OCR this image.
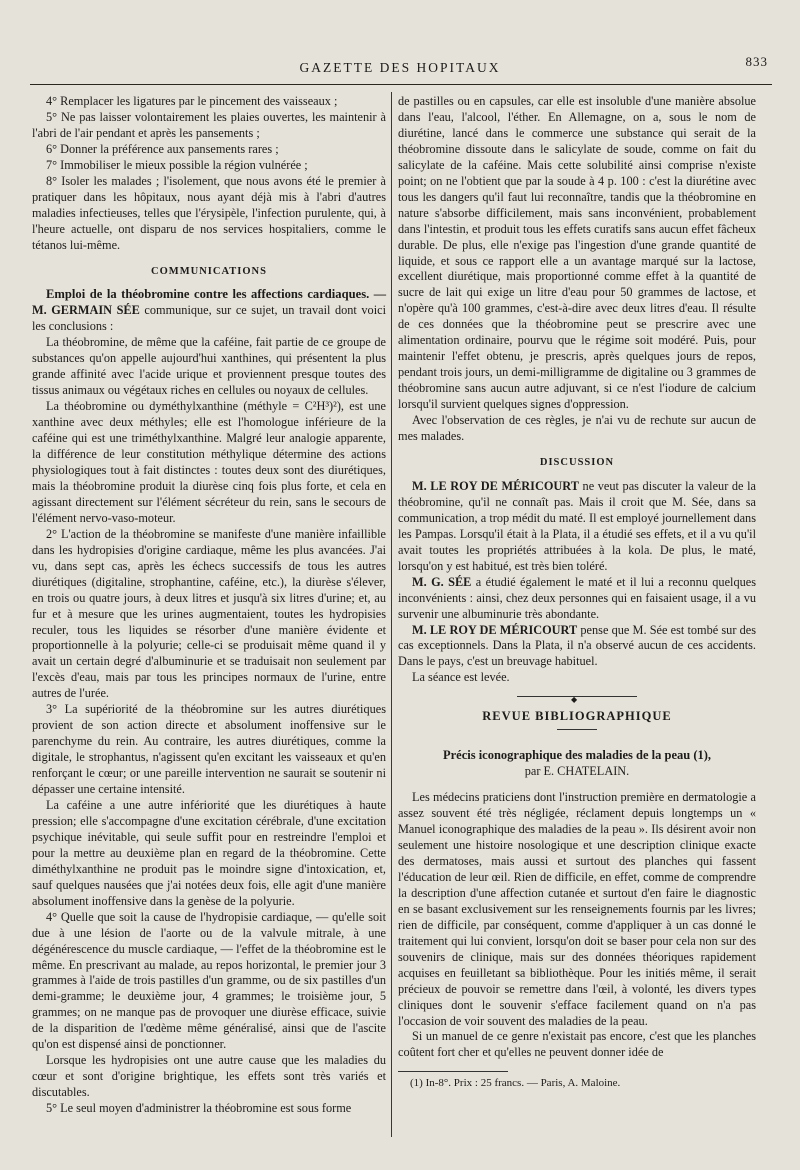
GAZETTE DES HOPITAUX	833

4° Remplacer les ligatures par le pincement des vaisseaux ;

5° Ne pas laisser volontairement les plaies ouvertes, les maintenir à l'abri de l'air pendant et après les pansements ;

6° Donner la préférence aux pansements rares ;

7° Immobiliser le mieux possible la région vulnérée ;

8° Isoler les malades ; l'isolement, que nous avons été le premier à pratiquer dans les hôpitaux, nous ayant déjà mis à l'abri d'autres maladies infectieuses, telles que l'érysipèle, l'infection purulente, qui, à l'heure actuelle, ont disparu de nos services hospitaliers, comme le tétanos lui-même.

COMMUNICATIONS

Emploi de la théobromine contre les affections cardiaques. — M. GERMAIN SÉE communique, sur ce sujet, un travail dont voici les conclusions :

La théobromine, de même que la caféine, fait partie de ce groupe de substances qu'on appelle aujourd'hui xanthines, qui présentent la plus grande affinité avec l'acide urique et proviennent presque toutes des tissus animaux ou végétaux riches en cellules ou noyaux de cellules.

La théobromine ou dyméthylxanthine (méthyle = C²H³)²), est une xanthine avec deux méthyles; elle est l'homologue inférieure de la caféine qui est une triméthylxanthine. Malgré leur analogie apparente, la différence de leur constitution méthylique détermine des actions physiologiques tout à fait distinctes : toutes deux sont des diurétiques, mais la théobromine produit la diurèse cinq fois plus forte, et cela en agissant directement sur l'élément sécréteur du rein, sans le secours de l'élément nervo-vaso-moteur.

2° L'action de la théobromine se manifeste d'une manière infaillible dans les hydropisies d'origine cardiaque, même les plus avancées. J'ai vu, dans sept cas, après les échecs successifs de tous les autres diurétiques (digitaline, strophantine, caféine, etc.), la diurèse s'élever, en trois ou quatre jours, à deux litres et jusqu'à six litres d'urine; et, au fur et à mesure que les urines augmentaient, toutes les hydropisies reculer, tous les liquides se résorber d'une manière évidente et proportionnelle à la polyurie; celle-ci se produisait même quand il y avait un certain degré d'albuminurie et se traduisait non seulement par l'excès d'eau, mais par tous les principes normaux de l'urine, entre autres de l'urée.

3° La supériorité de la théobromine sur les autres diurétiques provient de son action directe et absolument inoffensive sur le parenchyme du rein. Au contraire, les autres diurétiques, comme la digitale, le strophantus, n'agissent qu'en excitant les vaisseaux et qu'en renforçant le cœur; or une pareille intervention ne saurait se soutenir ni dépasser une certaine intensité.

La caféine a une autre infériorité que les diurétiques à haute pression; elle s'accompagne d'une excitation cérébrale, d'une excitation psychique inévitable, qui seule suffit pour en restreindre l'emploi et pour la mettre au deuxième plan en regard de la théobromine. Cette diméthylxanthine ne produit pas le moindre signe d'intoxication, et, sauf quelques nausées que j'ai notées deux fois, elle agit d'une manière absolument inoffensive dans la genèse de la polyurie.

4° Quelle que soit la cause de l'hydropisie cardiaque, — qu'elle soit due à une lésion de l'aorte ou de la valvule mitrale, à une dégénérescence du muscle cardiaque, — l'effet de la théobromine est le même. En prescrivant au malade, au repos horizontal, le premier jour 3 grammes à l'aide de trois pastilles d'un gramme, ou de six pastilles d'un demi-gramme; le deuxième jour, 4 grammes; le troisième jour, 5 grammes; on ne manque pas de provoquer une diurèse efficace, suivie de la disparition de l'œdème même généralisé, ainsi que de l'ascite qu'on est dispensé ainsi de ponctionner.

Lorsque les hydropisies ont une autre cause que les maladies du cœur et sont d'origine brightique, les effets sont très variés et discutables.

5° Le seul moyen d'administrer la théobromine est sous forme

de pastilles ou en capsules, car elle est insoluble d'une manière absolue dans l'eau, l'alcool, l'éther. En Allemagne, on a, sous le nom de diurétine, lancé dans le commerce une substance qui serait de la théobromine dissoute dans le salicylate de soude, comme on fait du salicylate de la caféine. Mais cette solubilité ainsi comprise n'existe point; on ne l'obtient que par la soude à 4 p. 100 : c'est la diurétine avec tous les dangers qu'il faut lui reconnaître, tandis que la théobromine en nature s'absorbe difficilement, mais sans inconvénient, probablement dans l'intestin, et produit tous les effets curatifs sans aucun effet fâcheux durable. De plus, elle n'exige pas l'ingestion d'une grande quantité de liquide, et sous ce rapport elle a un avantage marqué sur la lactose, excellent diurétique, mais proportionné comme effet à la quantité de sucre de lait qui exige un litre d'eau pour 50 grammes de lactose, et n'opère qu'à 100 grammes, c'est-à-dire avec deux litres d'eau. Il résulte de ces données que la théobromine peut se prescrire avec une alimentation ordinaire, pourvu que le régime soit modéré. Puis, pour maintenir l'effet obtenu, je prescris, après quelques jours de repos, pendant trois jours, un demi-milligramme de digitaline ou 3 grammes de théobromine sans aucun autre adjuvant, si ce n'est l'iodure de calcium lorsqu'il survient quelques signes d'oppression.

Avec l'observation de ces règles, je n'ai vu de rechute sur aucun de mes malades.

DISCUSSION

M. LE ROY DE MÉRICOURT ne veut pas discuter la valeur de la théobromine, qu'il ne connaît pas. Mais il croit que M. Sée, dans sa communication, a trop médit du maté. Il est employé journellement dans les Pampas. Lorsqu'il était à la Plata, il a étudié ses effets, et il a vu qu'il avait toutes les propriétés attribuées à la kola. De plus, le maté, lorsqu'on y est habitué, est très bien toléré.

M. G. SÉE a étudié également le maté et il lui a reconnu quelques inconvénients : ainsi, chez deux personnes qui en faisaient usage, il a vu survenir une albuminurie très abondante.

M. LE ROY DE MÉRICOURT pense que M. Sée est tombé sur des cas exceptionnels. Dans la Plata, il n'a observé aucun de ces accidents. Dans le pays, c'est un breuvage habituel.

La séance est levée.

◆
REVUE BIBLIOGRAPHIQUE
Précis iconographique des maladies de la peau (1),
par E. CHATELAIN.

Les médecins praticiens dont l'instruction première en dermatologie a assez souvent été très négligée, réclament depuis longtemps un « Manuel iconographique des maladies de la peau ». Ils désirent avoir non seulement une histoire nosologique et une description clinique exacte des dermatoses, mais aussi et surtout des planches qui fassent l'éducation de leur œil. Rien de difficile, en effet, comme de comprendre la description d'une affection cutanée et surtout d'en faire le diagnostic en se basant exclusivement sur les renseignements fournis par les livres; rien de difficile, par conséquent, comme d'appliquer à un cas donné le traitement qui lui convient, lorsqu'on doit se baser pour cela non sur des souvenirs de clinique, mais sur des données théoriques rapidement acquises en feuilletant sa bibliothèque. Pour les initiés même, il serait précieux de pouvoir se remettre dans l'œil, à volonté, les divers types cliniques dont le souvenir s'efface facilement quand on n'a pas l'occasion de voir souvent des maladies de la peau.

Si un manuel de ce genre n'existait pas encore, c'est que les planches coûtent fort cher et qu'elles ne peuvent donner idée de

(1) In-8°. Prix : 25 francs. — Paris, A. Maloine.
